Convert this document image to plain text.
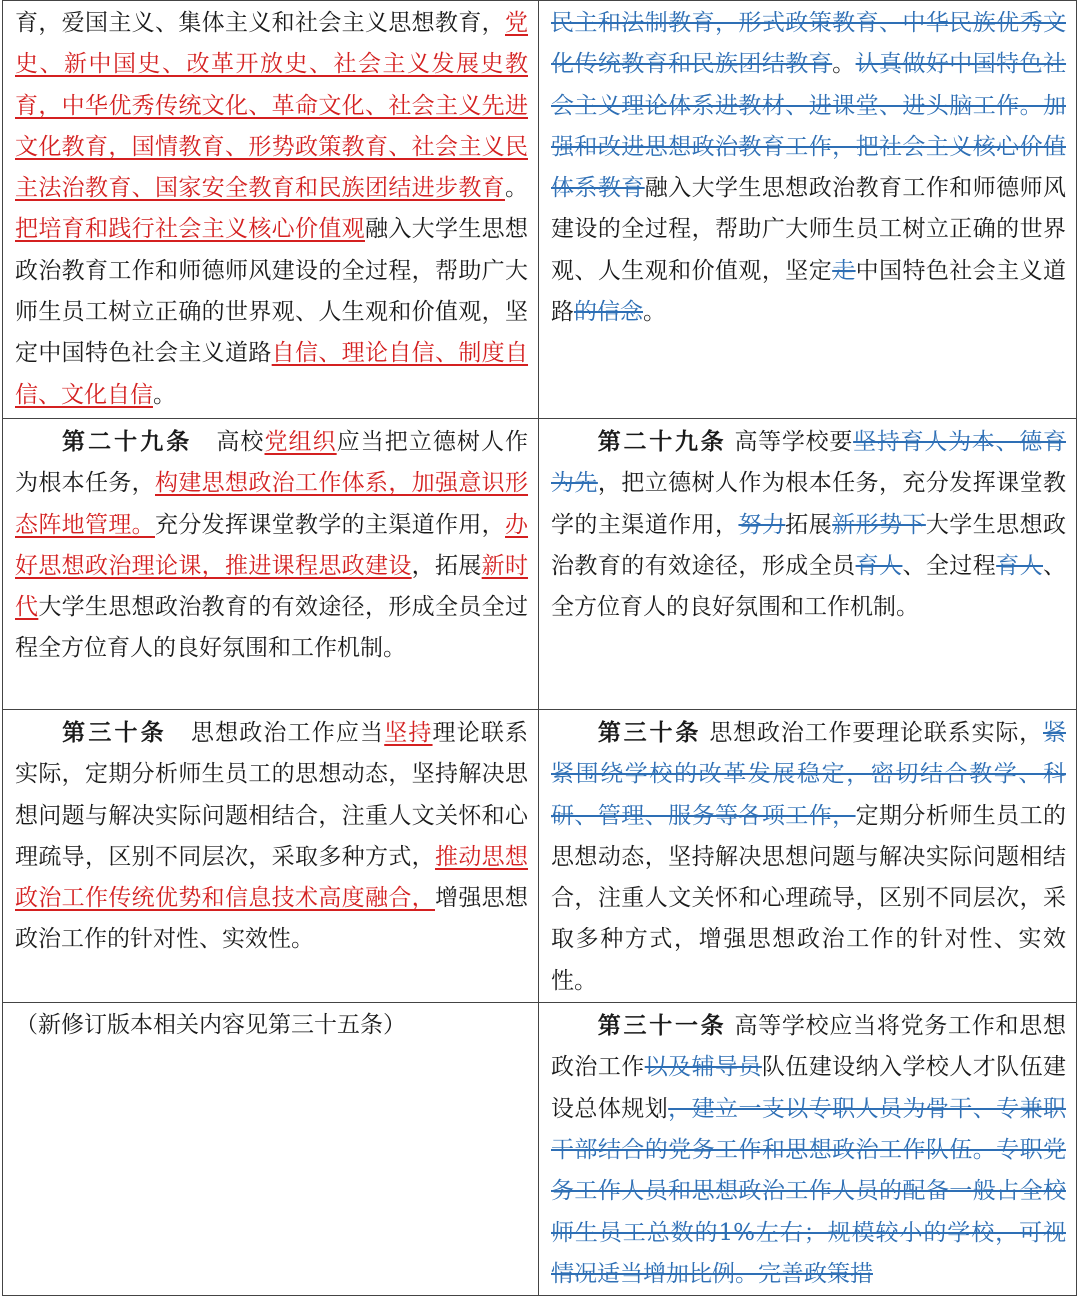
育，爱国主义、集体主义和社会主义思想教育，党史、新中国史、改革开放史、社会主义发展史教育，中华优秀传统文化、革命文化、社会主义先进文化教育，国情教育、形势政策教育、社会主义民主法治教育、国家安全教育和民族团结进步教育。把培育和践行社会主义核心价值观融入大学生思想政治教育工作和师德师风建设的全过程，帮助广大师生员工树立正确的世界观、人生观和价值观，坚定中国特色社会主义道路自信、理论自信、制度自信、文化自信。	民主和法制教育，形式政策教育、中华民族优秀文化传统教育和民族团结教育。认真做好中国特色社会主义理论体系进教材、进课堂、进头脑工作。加强和改进思想政治教育工作，把社会主义核心价值体系教育融入大学生思想政治教育工作和师德师风建设的全过程，帮助广大师生员工树立正确的世界观、人生观和价值观，坚定走中国特色社会主义道路的信念。
第二十九条　高校党组织应当把立德树人作为根本任务，构建思想政治工作体系，加强意识形态阵地管理。充分发挥课堂教学的主渠道作用，办好思想政治理论课，推进课程思政建设，拓展新时代大学生思想政治教育的有效途径，形成全员全过程全方位育人的良好氛围和工作机制。	第二十九条 高等学校要坚持育人为本、德育为先，把立德树人作为根本任务，充分发挥课堂教学的主渠道作用，努力拓展新形势下大学生思想政治教育的有效途径，形成全员育人、全过程育人、全方位育人的良好氛围和工作机制。
第三十条　思想政治工作应当坚持理论联系实际，定期分析师生员工的思想动态，坚持解决思想问题与解决实际问题相结合，注重人文关怀和心理疏导，区别不同层次，采取多种方式，推动思想政治工作传统优势和信息技术高度融合，增强思想政治工作的针对性、实效性。	第三十条 思想政治工作要理论联系实际，紧紧围绕学校的改革发展稳定，密切结合教学、科研、管理、服务等各项工作，定期分析师生员工的思想动态，坚持解决思想问题与解决实际问题相结合，注重人文关怀和心理疏导，区别不同层次，采取多种方式，增强思想政治工作的针对性、实效性。
（新修订版本相关内容见第三十五条）	第三十一条 高等学校应当将党务工作和思想政治工作以及辅导员队伍建设纳入学校人才队伍建设总体规划，建立一支以专职人员为骨干、专兼职干部结合的党务工作和思想政治工作队伍。专职党务工作人员和思想政治工作人员的配备一般占全校师生员工总数的1%左右；规模较小的学校，可视情况适当增加比例。完善政策措
